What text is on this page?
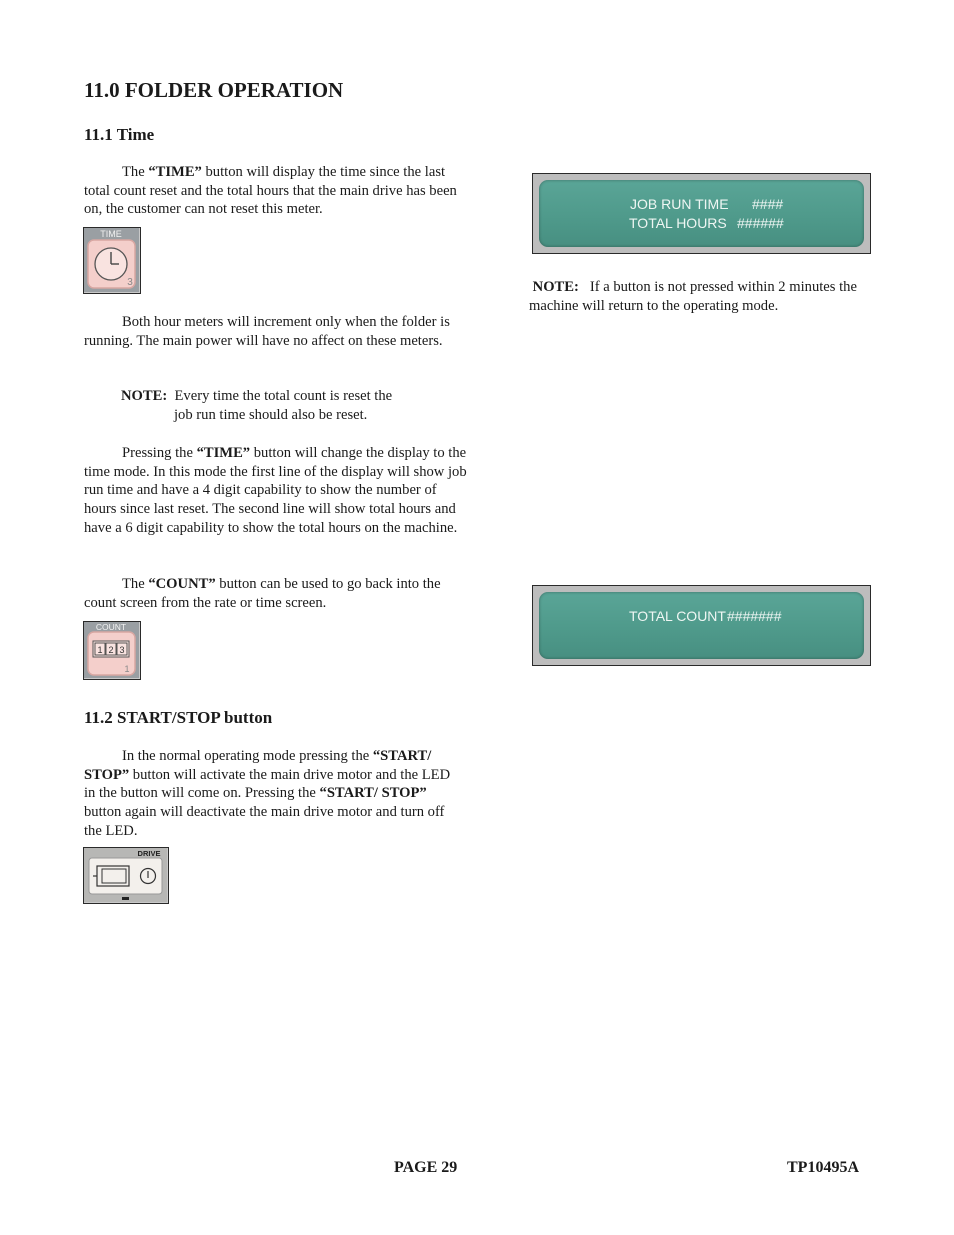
11.0 FOLDER OPERATION
11.1 Time
The “TIME” button will display the time since the last total count reset and the total hours that the main drive has been on, the customer can not reset this meter.
TIME
3
Both hour meters will increment only when the folder is running. The main power will have no affect on these meters.
NOTE: Every time the total count is reset the
job run time should also be reset.
Pressing the “TIME” button will change the display to the time mode. In this mode the first line of the display will show job run time and have a 4 digit capability to show the number of hours since last reset. The second line will show total hours and have a 6 digit capability to show the total hours on the machine.
The “COUNT” button can be used to go back into the count screen from the rate or time screen.
COUNT
1 2 3
1
11.2 START/STOP button
In the normal operating mode pressing the “START/ STOP” button will activate the main drive motor and the LED in the button will come on. Pressing the “START/ STOP” button again will deactivate the main drive motor and turn off the LED.
DRIVE
JOB RUN TIME ####
TOTAL HOURS ######
NOTE: If a button is not pressed within 2 minutes the machine will return to the operating mode.
TOTAL COUNT #######
PAGE 29	TP10495A
